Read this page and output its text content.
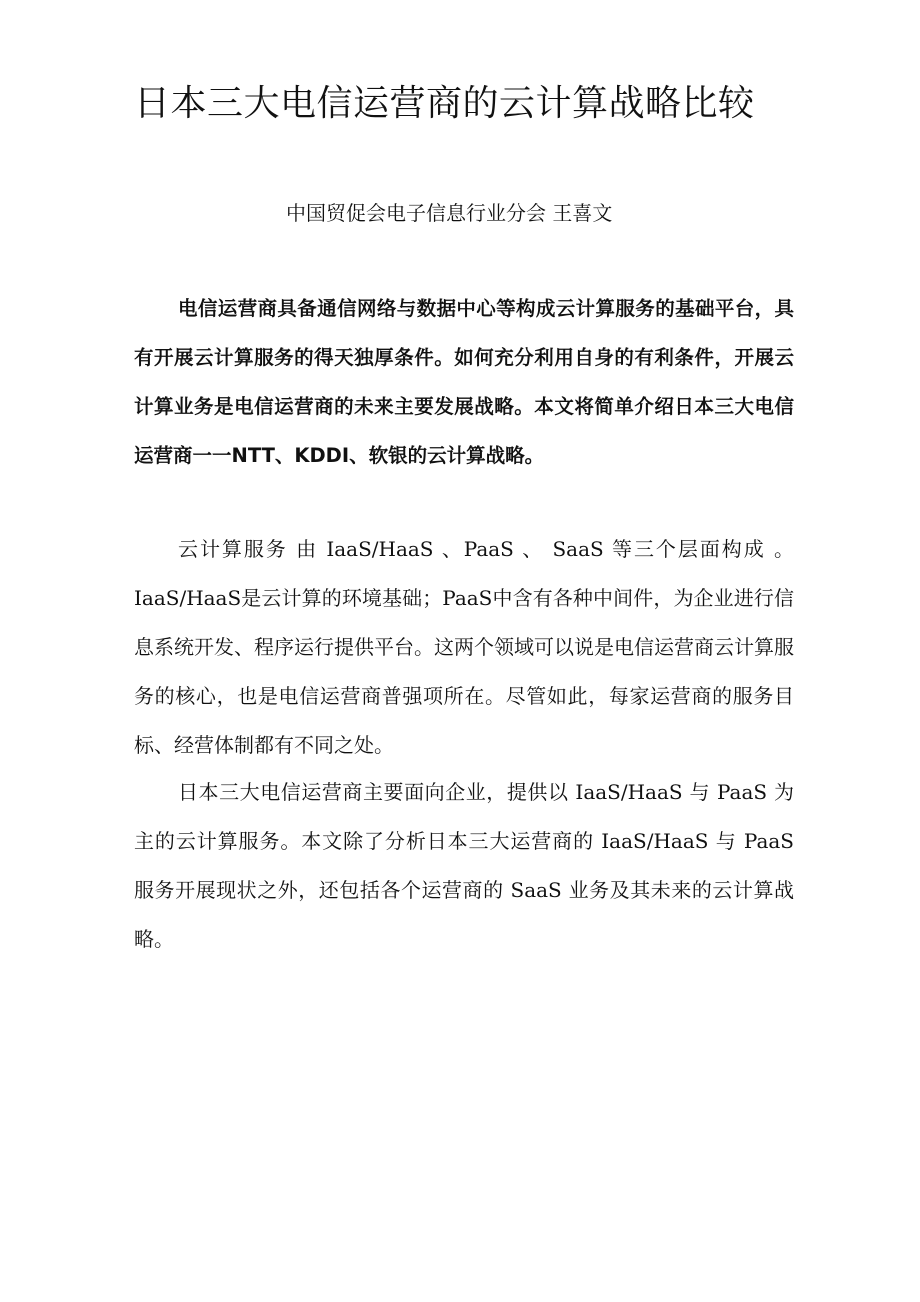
日本三大电信运营商的云计算战略比较

中国贸促会电子信息行业分会 王喜文

电信运营商具备通信网络与数据中心等构成云计算服务的基础平台，具有开展云计算服务的得天独厚条件。如何充分利用自身的有利条件，开展云计算业务是电信运营商的未来主要发展战略。本文将简单介绍日本三大电信运营商一一NTT、KDDI、软银的云计算战略。

云计算服务 由 IaaS/HaaS 、PaaS 、 SaaS 等三个层面构成 。IaaS/HaaS是云计算的环境基础；PaaS中含有各种中间件，为企业进行信息系统开发、程序运行提供平台。这两个领域可以说是电信运营商云计算服务的核心，也是电信运营商普强项所在。尽管如此，每家运营商的服务目标、经营体制都有不同之处。

日本三大电信运营商主要面向企业，提供以 IaaS/HaaS 与 PaaS 为主的云计算服务。本文除了分析日本三大运营商的 IaaS/HaaS 与 PaaS 服务开展现状之外，还包括各个运营商的 SaaS 业务及其未来的云计算战略。
